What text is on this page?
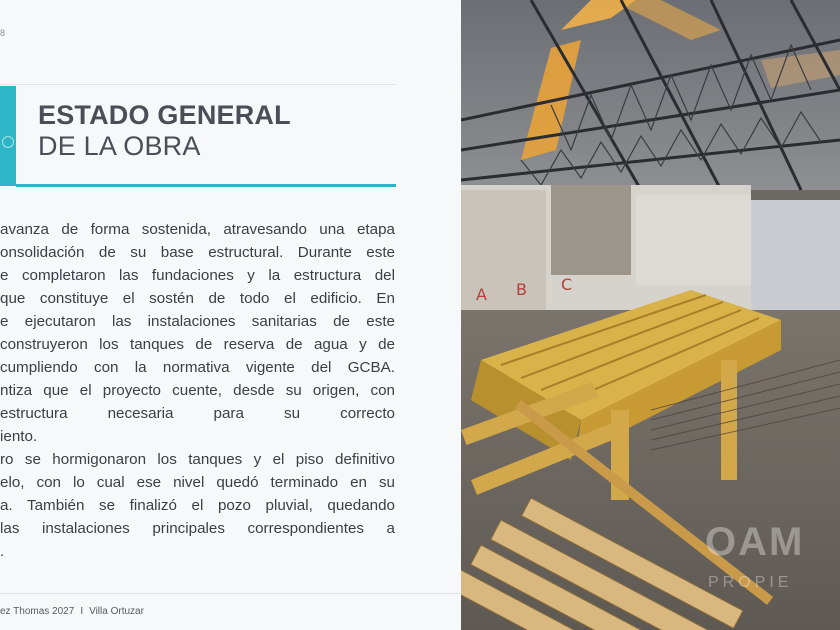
8
ESTADO GENERAL
DE LA OBRA

avanza de forma sostenida, atravesando una etapa
onsolidación de su base estructural. Durante este
e completaron las fundaciones y la estructura del
que constituye el sostén de todo el edificio. En
e ejecutaron las instalaciones sanitarias de este
construyeron los tanques de reserva de agua y de
cumpliendo con la normativa vigente del GCBA.
ntiza que el proyecto cuente, desde su origen, con
estructura necesaria para su correcto
iento.
ro se hormigonaron los tanques y el piso definitivo
elo, con lo cual ese nivel quedó terminado en su
a. También se finalizó el pozo pluvial, quedando
las instalaciones principales correspondientes a
.

ez Thomas 2027 I Villa Ortuzar
A B C
OAM
PROPIE
